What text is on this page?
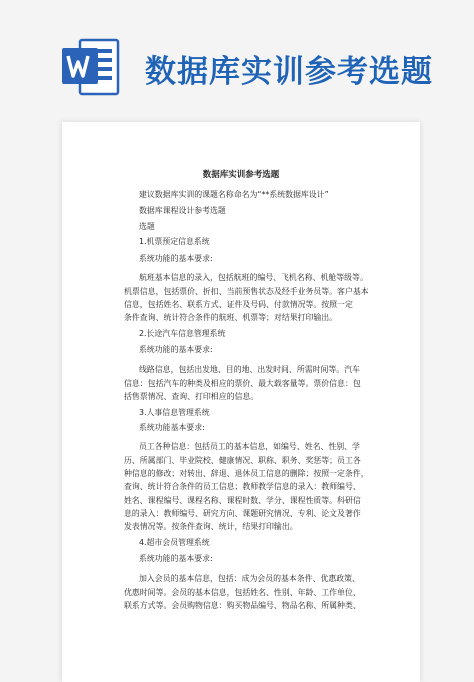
数据库实训参考选题
数据库实训参考选题
建议数据库实训的课题名称命名为“**系统数据库设计”
数据库课程设计参考选题
选题
1.机票预定信息系统
系统功能的基本要求:
航班基本信息的录入，包括航班的编号、飞机名称、机舱等级等。
机票信息，包括票价、折扣、当前预售状态及经手业务员等。客户基本
信息，包括姓名、联系方式、证件及号码、付款情况等。按照一定
条件查询、统计符合条件的航班、机票等；对结果打印输出。
2.长途汽车信息管理系统
系统功能的基本要求:
线路信息，包括出发地、目的地、出发时间、所需时间等。汽车
信息：包括汽车的种类及相应的票价、最大载客量等。票价信息：包
括售票情况、查询、打印相应的信息。
3.人事信息管理系统
系统功能基本要求:
员工各种信息：包括员工的基本信息，如编号、姓名、性别、学
历、所属部门、毕业院校、健康情况、职称、职务、奖惩等；员工各
种信息的修改；对转出、辞退、退休员工信息的删除；按照一定条件，
查询、统计符合条件的员工信息；教师教学信息的录入：教师编号、
姓名、课程编号、课程名称、课程时数、学分、课程性质等。科研信
息的录入：教师编号、研究方向、课题研究情况、专利、论文及著作
发表情况等。按条件查询、统计，结果打印输出。
4.超市会员管理系统
系统功能的基本要求:
加入会员的基本信息，包括：成为会员的基本条件、优惠政策、
优惠时间等。会员的基本信息，包括姓名、性别、年龄、工作单位、
联系方式等。会员购物信息：购买物品编号、物品名称、所属种类、
